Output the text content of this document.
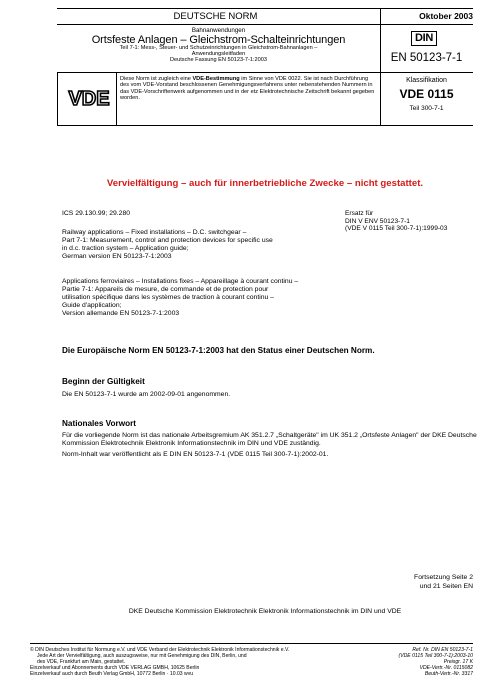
DEUTSCHE NORM	Oktober 2003
Bahnanwendungen
Ortsfeste Anlagen – Gleichstrom-Schalteinrichtungen
Teil 7-1: Mess-, Steuer- und Schutzeinrichtungen in Gleichstrom-Bahnanlagen –
Anwendungsleitfaden
Deutsche Fassung EN 50123-7-1:2003
DIN
EN 50123-7-1
VDE
Diese Norm ist zugleich eine VDE-Bestimmung im Sinne von VDE 0022. Sie ist nach Durchführung des vom VDE-Vorstand beschlossenen Genehmigungsverfahrens unter nebenstehenden Nummern in das VDE-Vorschriftenwerk aufgenommen und in der etz Elektrotechnische Zeitschrift bekannt gegeben worden.
Klassifikation
VDE 0115
Teil 300-7-1
Vervielfältigung – auch für innerbetriebliche Zwecke – nicht gestattet.
ICS 29.130.99; 29.280	Ersatz für
DIN V ENV 50123-7-1
(VDE V 0115 Teil 300-7-1):1999-03
Railway applications – Fixed installations – D.C. switchgear –
Part 7-1: Measurement, control and protection devices for specific use
in d.c. traction system – Application guide;
German version EN 50123-7-1:2003
Applications ferroviaires – Installations fixes – Appareillage à courant continu –
Partie 7-1: Appareils de mesure, de commande et de protection pour
utilisation spécifique dans les systèmes de traction à courant continu –
Guide d'application;
Version allemande EN 50123-7-1:2003
Die Europäische Norm EN 50123-7-1:2003 hat den Status einer Deutschen Norm.
Beginn der Gültigkeit
Die EN 50123-7-1 wurde am 2002-09-01 angenommen.
Nationales Vorwort
Für die vorliegende Norm ist das nationale Arbeitsgremium AK 351.2.7 „Schaltgeräte" im UK 351.2 „Ortsfeste Anlagen" der DKE Deutsche Kommission Elektrotechnik Elektronik Informationstechnik im DIN und VDE zuständig.
Norm-Inhalt war veröffentlicht als E DIN EN 50123-7-1 (VDE 0115 Teil 300-7-1):2002-01.
Fortsetzung Seite 2
und 21 Seiten EN
DKE Deutsche Kommission Elektrotechnik Elektronik Informationstechnik im DIN und VDE
© DIN Deutsches Institut für Normung e.V. und VDE Verband der Elektrotechnik Elektronik Informationstechnik e.V.
Jede Art der Vervielfältigung, auch auszugsweise, nur mit Genehmigung des DIN, Berlin, und
des VDE, Frankfurt am Main, gestattet.
Einzelverkauf und Abonnements durch VDE VERLAG GMBH, 10625 Berlin
Einzelverkauf auch durch Beuth Verlag GmbH, 10772 Berlin · 10.03 wvu
Ref. Nr. DIN EN 50123-7-1
(VDE 0115 Teil 300-7-1):2003-10
Preisgr. 17 K
VDE-Vertr.-Nr. 0115082
Beuth-Vertr.-Nr. 3317
